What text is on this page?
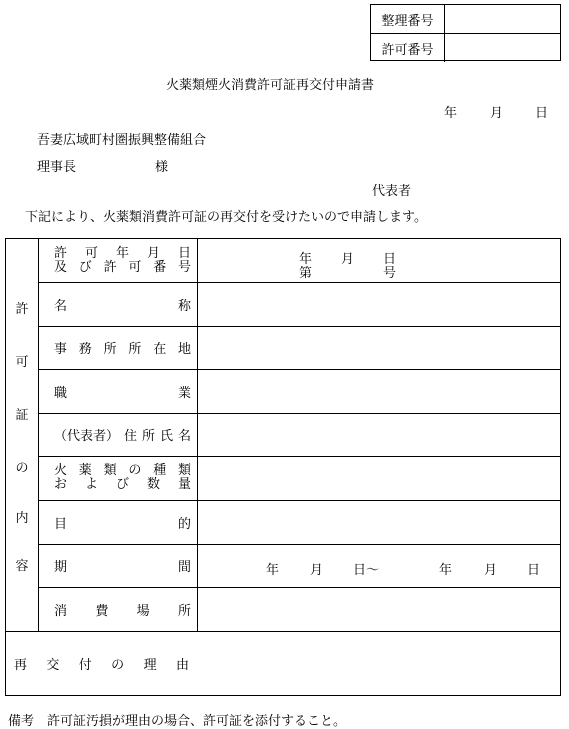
整理番号
許可番号
火薬類煙火消費許可証再交付申請書
年	月 日
吾妻広域町村圏振興整備組合
理事長	様
代表者
下記により、火薬類消費許可証の再交付を受けたいので申請します。
許
可
証
の
内
容
許 可 年 月 日
及 び 許 可 番 号	年 月 日
第	号
名	称
事 務 所 所 在 地
職	業
（代表者） 住 所 氏 名
火 薬 類 の 種 類
お よ び 数 量
目	的
期	間	年 月 日～	年 月 日
消 費 場 所
再 交 付 の 理 由
備考　許可証汚損が理由の場合、許可証を添付すること。
